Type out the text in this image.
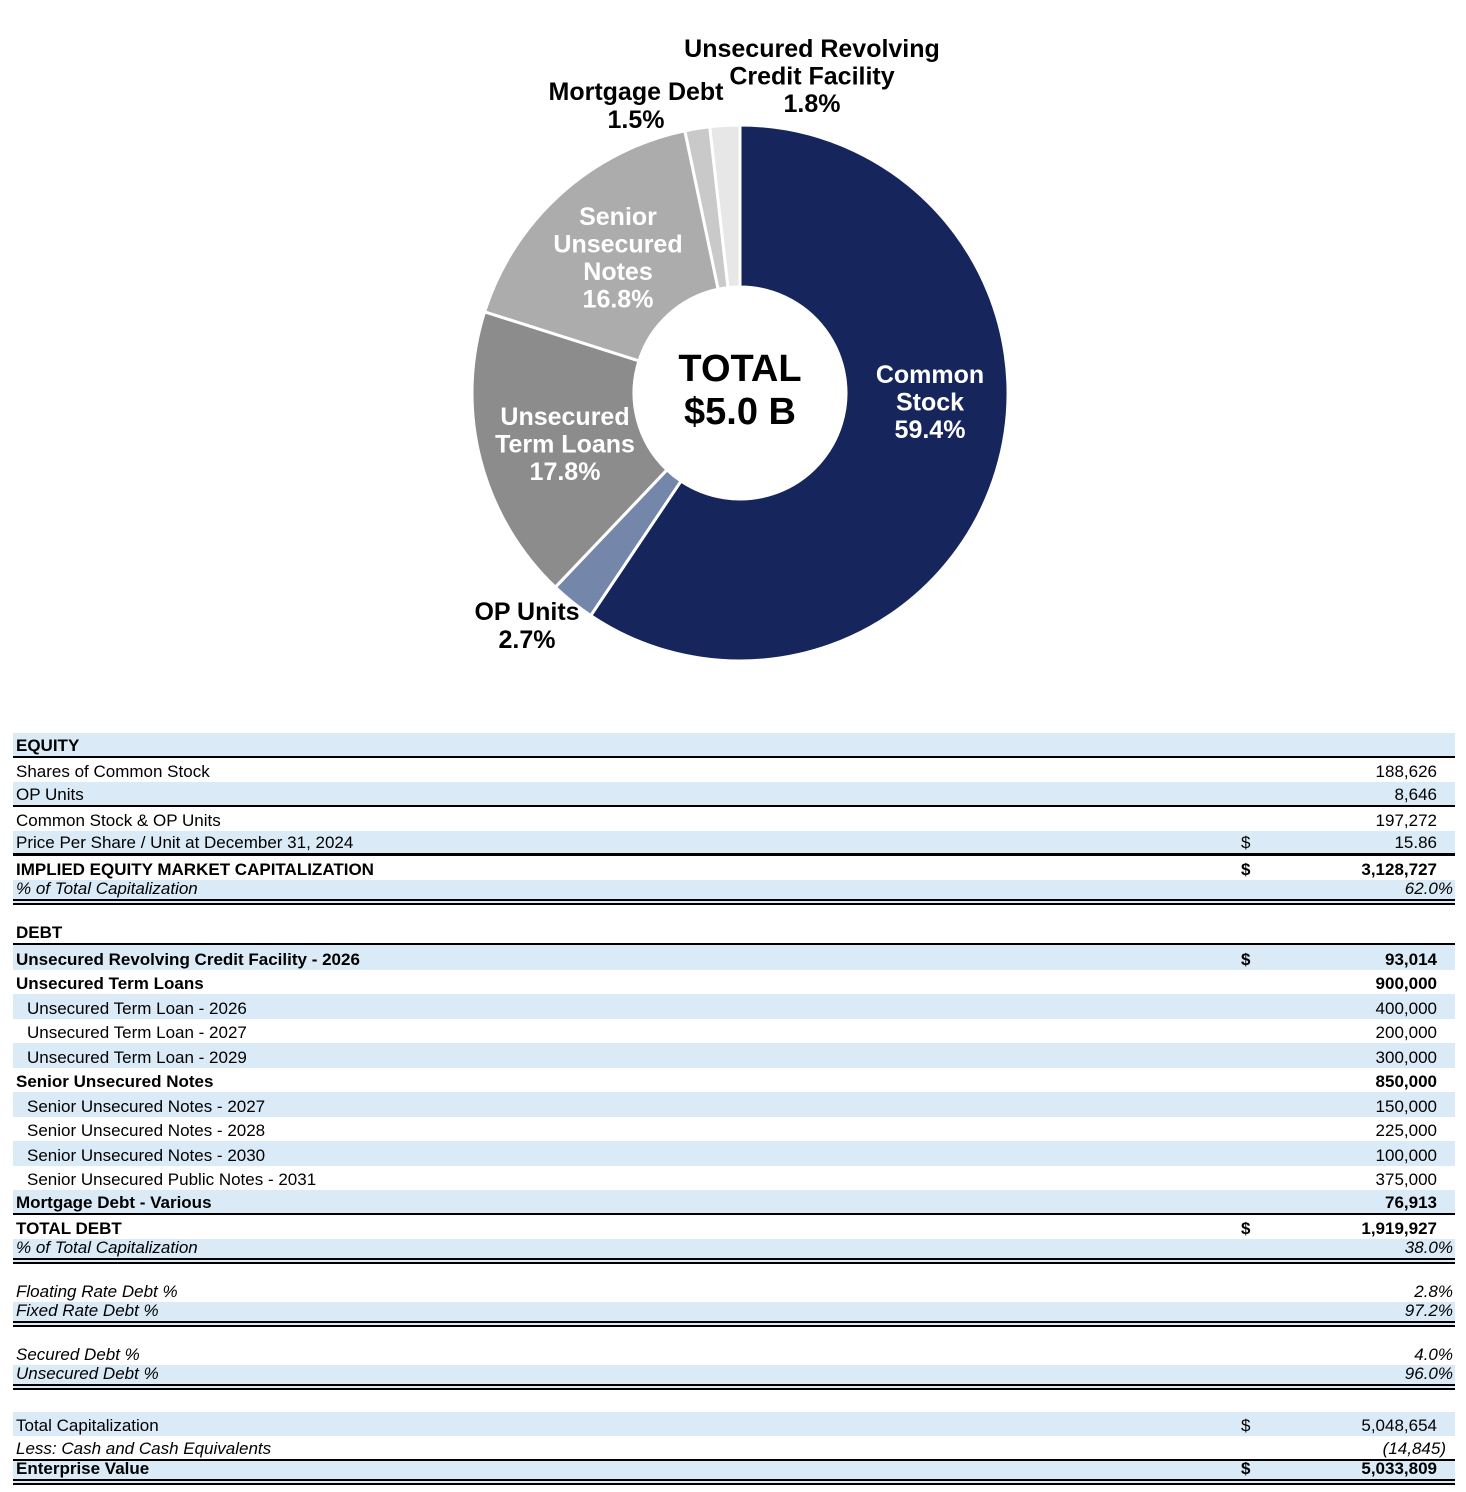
Common Stock 59.4%
OP Units 2.7%
Unsecured Term Loans 17.8%
Senior Unsecured Notes 16.8%
Mortgage Debt 1.5%
Unsecured Revolving Credit Facility 1.8%
TOTAL
$5.0 B
EQUITY
Shares of Common Stock	188,626
OP Units	8,646
Common Stock & OP Units	197,272
Price Per Share / Unit at December 31, 2024	$	15.86
IMPLIED EQUITY MARKET CAPITALIZATION	$	3,128,727
% of Total Capitalization	62.0%
DEBT
Unsecured Revolving Credit Facility - 2026	$	93,014
Unsecured Term Loans	900,000
Unsecured Term Loan - 2026	400,000
Unsecured Term Loan - 2027	200,000
Unsecured Term Loan - 2029	300,000
Senior Unsecured Notes	850,000
Senior Unsecured Notes - 2027	150,000
Senior Unsecured Notes - 2028	225,000
Senior Unsecured Notes - 2030	100,000
Senior Unsecured Public Notes - 2031	375,000
Mortgage Debt - Various	76,913
TOTAL DEBT	$	1,919,927
% of Total Capitalization	38.0%
Floating Rate Debt %	2.8%
Fixed Rate Debt %	97.2%
Secured Debt %	4.0%
Unsecured Debt %	96.0%
Total Capitalization	$	5,048,654
Less: Cash and Cash Equivalents	(14,845)
Enterprise Value	$	5,033,809
